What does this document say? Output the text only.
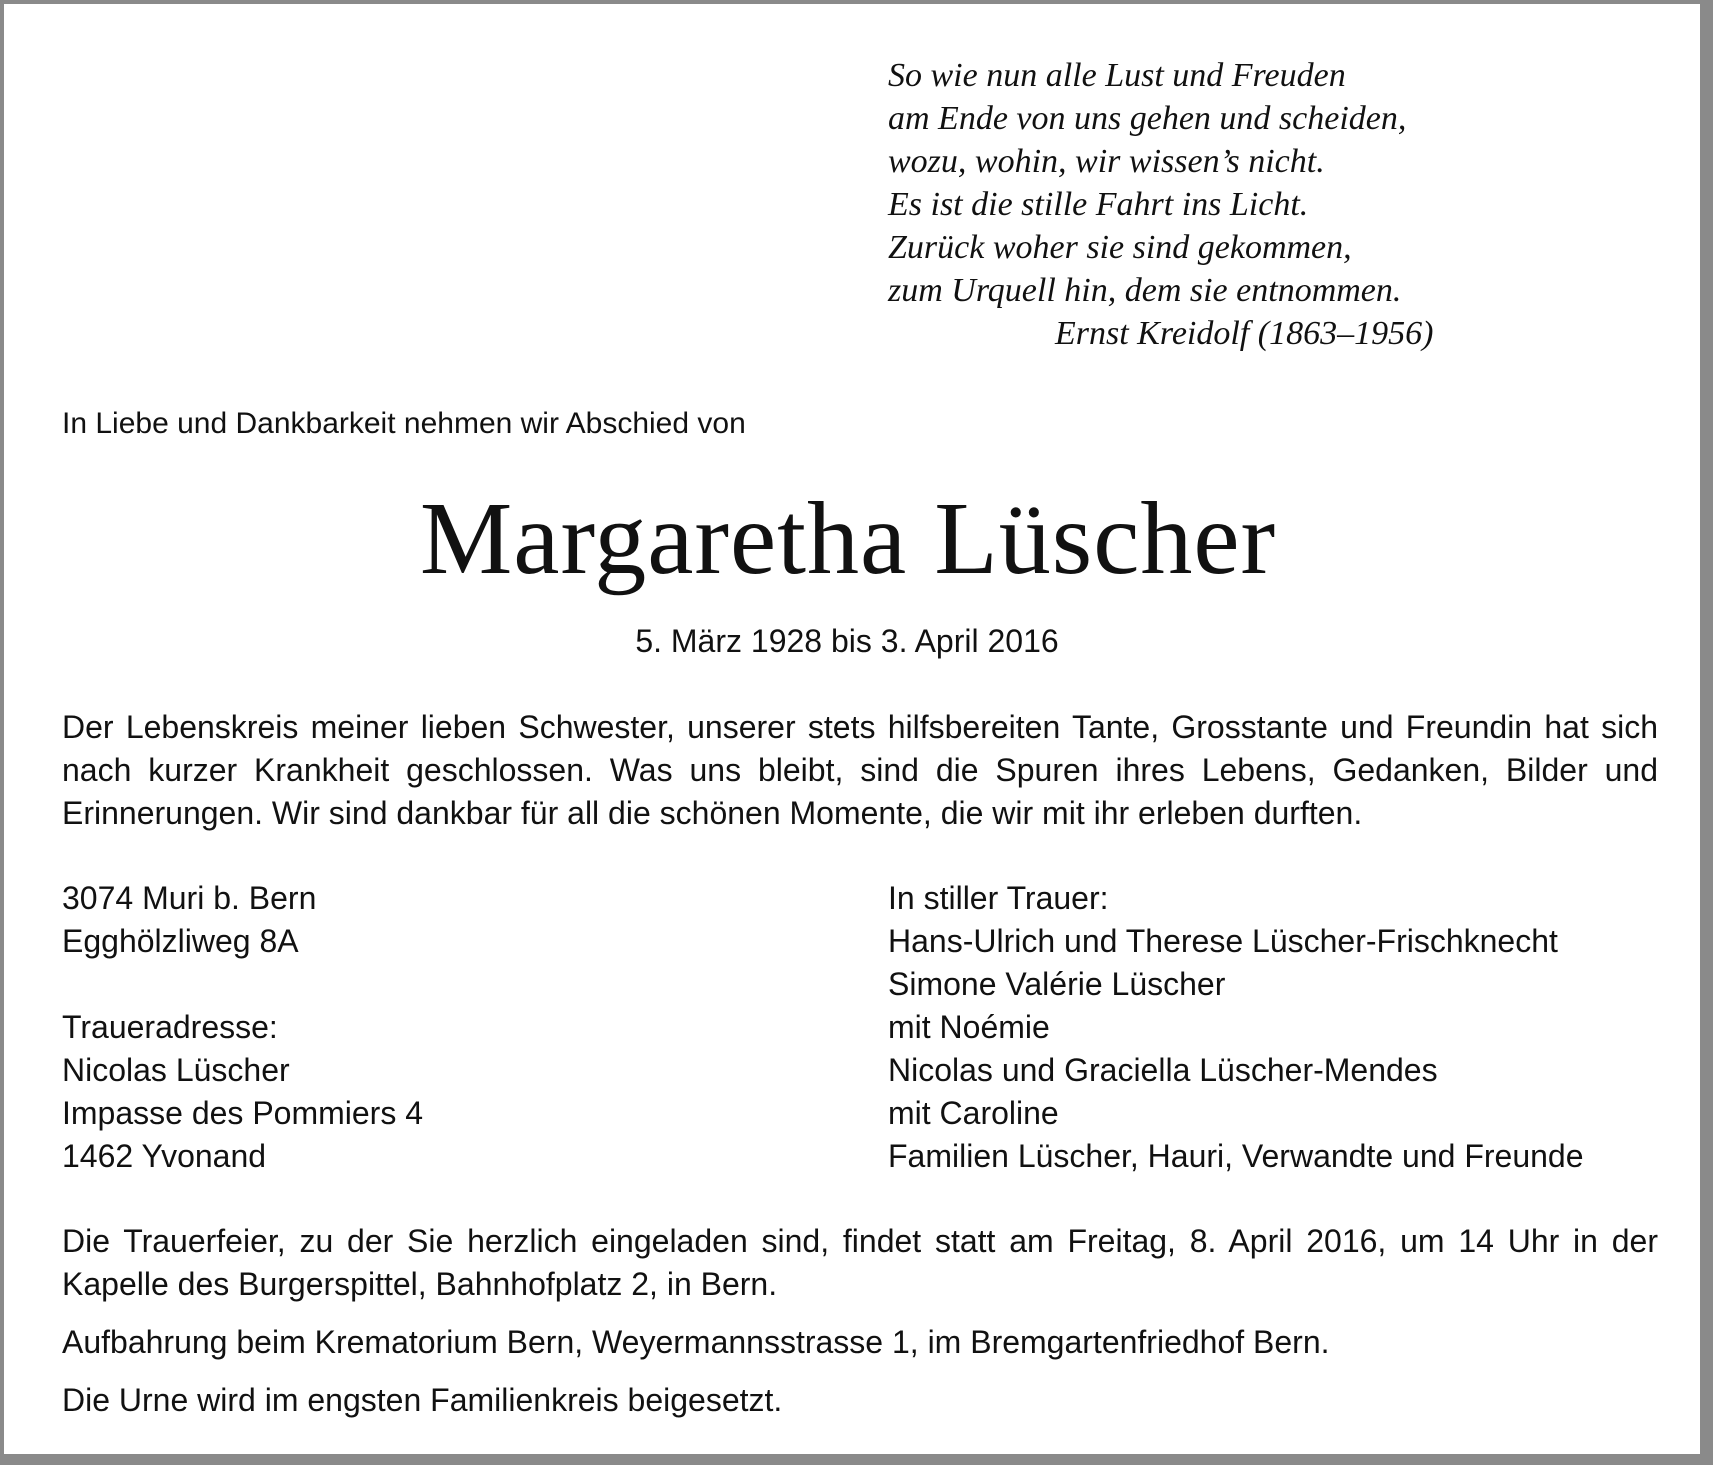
So wie nun alle Lust und Freuden
am Ende von uns gehen und scheiden,
wozu, wohin, wir wissen’s nicht.
Es ist die stille Fahrt ins Licht.
Zurück woher sie sind gekommen,
zum Urquell hin, dem sie entnommen.
Ernst Kreidolf (1863–1956)
In Liebe und Dankbarkeit nehmen wir Abschied von
Margaretha Lüscher
5. März 1928 bis 3. April 2016
Der Lebenskreis meiner lieben Schwester, unserer stets hilfsbereiten Tante, Grosstante und Freundin hat sich nach kurzer Krankheit geschlossen. Was uns bleibt, sind die Spuren ihres Lebens, Gedanken, Bilder und Erinnerungen. Wir sind dankbar für all die schönen Momente, die wir mit ihr erleben durften.
3074 Muri b. Bern
Egghölzliweg 8A
Traueradresse:
Nicolas Lüscher
Impasse des Pommiers 4
1462 Yvonand
In stiller Trauer:
Hans-Ulrich und Therese Lüscher-Frischknecht
Simone Valérie Lüscher
mit Noémie
Nicolas und Graciella Lüscher-Mendes
mit Caroline
Familien Lüscher, Hauri, Verwandte und Freunde
Die Trauerfeier, zu der Sie herzlich eingeladen sind, findet statt am Freitag, 8. April 2016, um 14 Uhr in der Kapelle des Burgerspittel, Bahnhofplatz 2, in Bern.
Aufbahrung beim Krematorium Bern, Weyermannsstrasse 1, im Bremgartenfriedhof Bern.
Die Urne wird im engsten Familienkreis beigesetzt.
